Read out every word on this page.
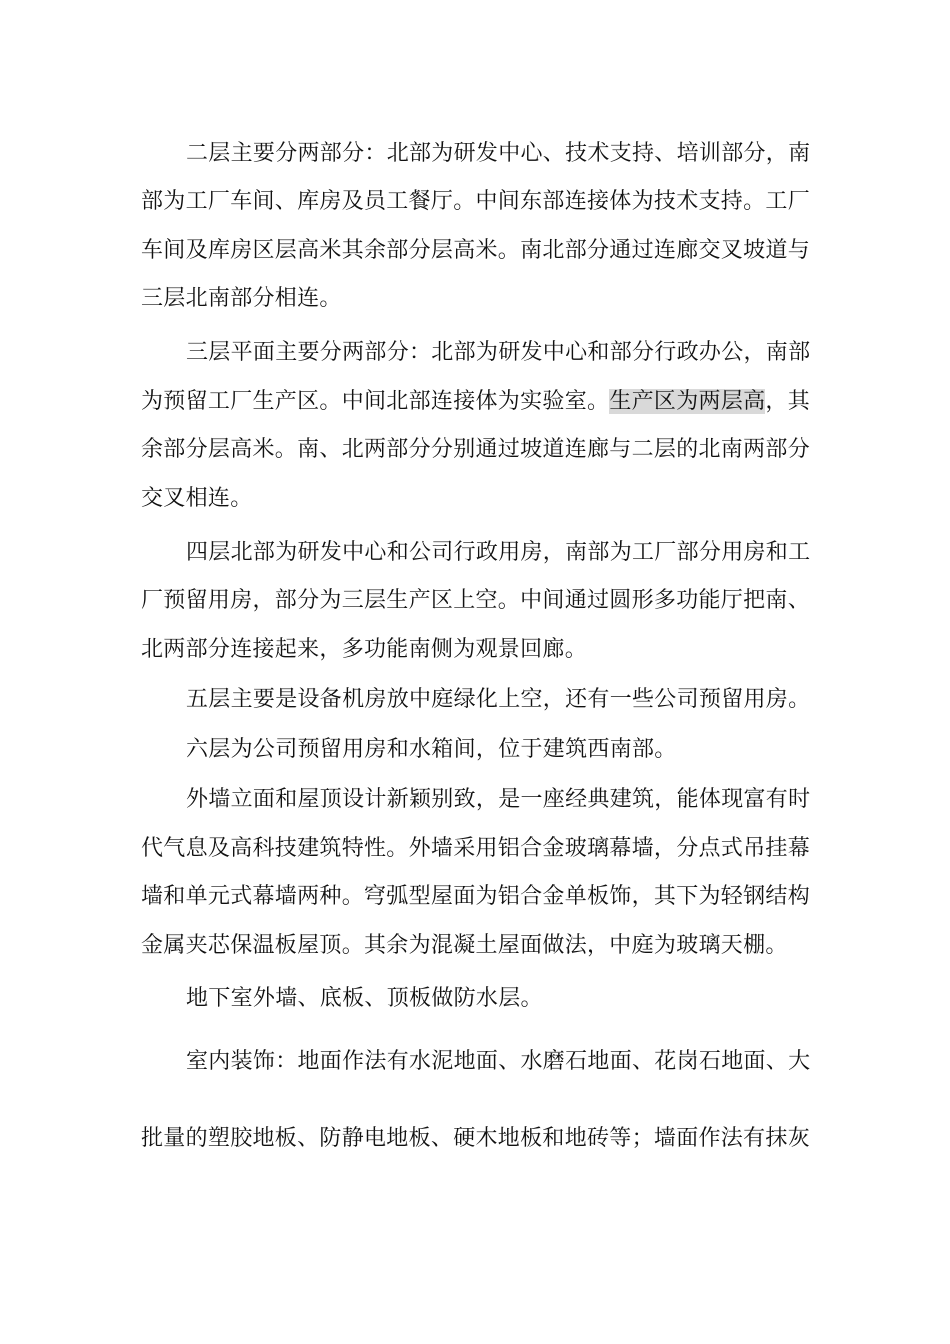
二层主要分两部分：北部为研发中心、技术支持、培训部分，南
部为工厂车间、库房及员工餐厅。中间东部连接体为技术支持。工厂
车间及库房区层高米其余部分层高米。南北部分通过连廊交叉坡道与
三层北南部分相连。
三层平面主要分两部分：北部为研发中心和部分行政办公，南部
为预留工厂生产区。中间北部连接体为实验室。生产区为两层高，其
余部分层高米。南、北两部分分别通过坡道连廊与二层的北南两部分
交叉相连。
四层北部为研发中心和公司行政用房，南部为工厂部分用房和工
厂预留用房，部分为三层生产区上空。中间通过圆形多功能厅把南、
北两部分连接起来，多功能南侧为观景回廊。
五层主要是设备机房放中庭绿化上空，还有一些公司预留用房。
六层为公司预留用房和水箱间，位于建筑西南部。
外墙立面和屋顶设计新颖别致，是一座经典建筑，能体现富有时
代气息及高科技建筑特性。外墙采用铝合金玻璃幕墙，分点式吊挂幕
墙和单元式幕墙两种。穹弧型屋面为铝合金单板饰，其下为轻钢结构
金属夹芯保温板屋顶。其余为混凝土屋面做法，中庭为玻璃天棚。
地下室外墙、底板、顶板做防水层。
室内装饰：地面作法有水泥地面、水磨石地面、花岗石地面、大
批量的塑胶地板、防静电地板、硬木地板和地砖等；墙面作法有抹灰
